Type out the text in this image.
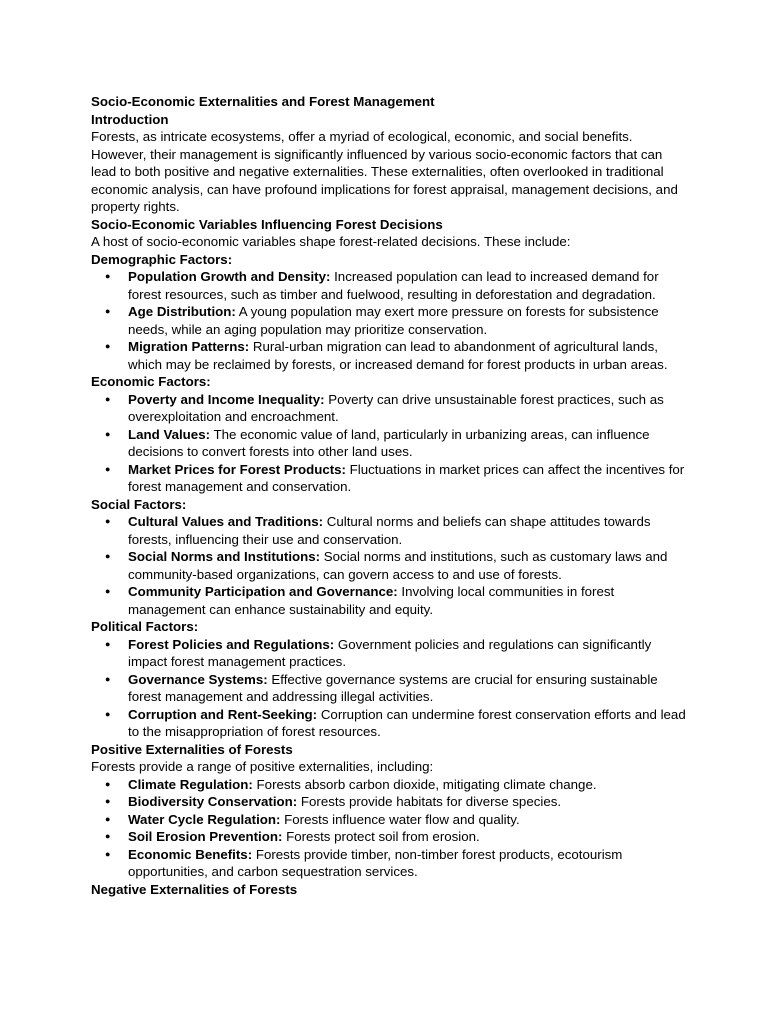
Socio-Economic Externalities and Forest Management

Introduction

Forests, as intricate ecosystems, offer a myriad of ecological, economic, and social benefits. However, their management is significantly influenced by various socio-economic factors that can lead to both positive and negative externalities. These externalities, often overlooked in traditional economic analysis, can have profound implications for forest appraisal, management decisions, and property rights.

Socio-Economic Variables Influencing Forest Decisions

A host of socio-economic variables shape forest-related decisions. These include:

Demographic Factors:

● Population Growth and Density: Increased population can lead to increased demand for forest resources, such as timber and fuelwood, resulting in deforestation and degradation.
● Age Distribution: A young population may exert more pressure on forests for subsistence needs, while an aging population may prioritize conservation.
● Migration Patterns: Rural-urban migration can lead to abandonment of agricultural lands, which may be reclaimed by forests, or increased demand for forest products in urban areas.

Economic Factors:

● Poverty and Income Inequality: Poverty can drive unsustainable forest practices, such as overexploitation and encroachment.
● Land Values: The economic value of land, particularly in urbanizing areas, can influence decisions to convert forests into other land uses.
● Market Prices for Forest Products: Fluctuations in market prices can affect the incentives for forest management and conservation.

Social Factors:

● Cultural Values and Traditions: Cultural norms and beliefs can shape attitudes towards forests, influencing their use and conservation.
● Social Norms and Institutions: Social norms and institutions, such as customary laws and community-based organizations, can govern access to and use of forests.
● Community Participation and Governance: Involving local communities in forest management can enhance sustainability and equity.

Political Factors:

● Forest Policies and Regulations: Government policies and regulations can significantly impact forest management practices.
● Governance Systems: Effective governance systems are crucial for ensuring sustainable forest management and addressing illegal activities.
● Corruption and Rent-Seeking: Corruption can undermine forest conservation efforts and lead to the misappropriation of forest resources.

Positive Externalities of Forests

Forests provide a range of positive externalities, including:

● Climate Regulation: Forests absorb carbon dioxide, mitigating climate change.
● Biodiversity Conservation: Forests provide habitats for diverse species.
● Water Cycle Regulation: Forests influence water flow and quality.
● Soil Erosion Prevention: Forests protect soil from erosion.
● Economic Benefits: Forests provide timber, non-timber forest products, ecotourism opportunities, and carbon sequestration services.

Negative Externalities of Forests
